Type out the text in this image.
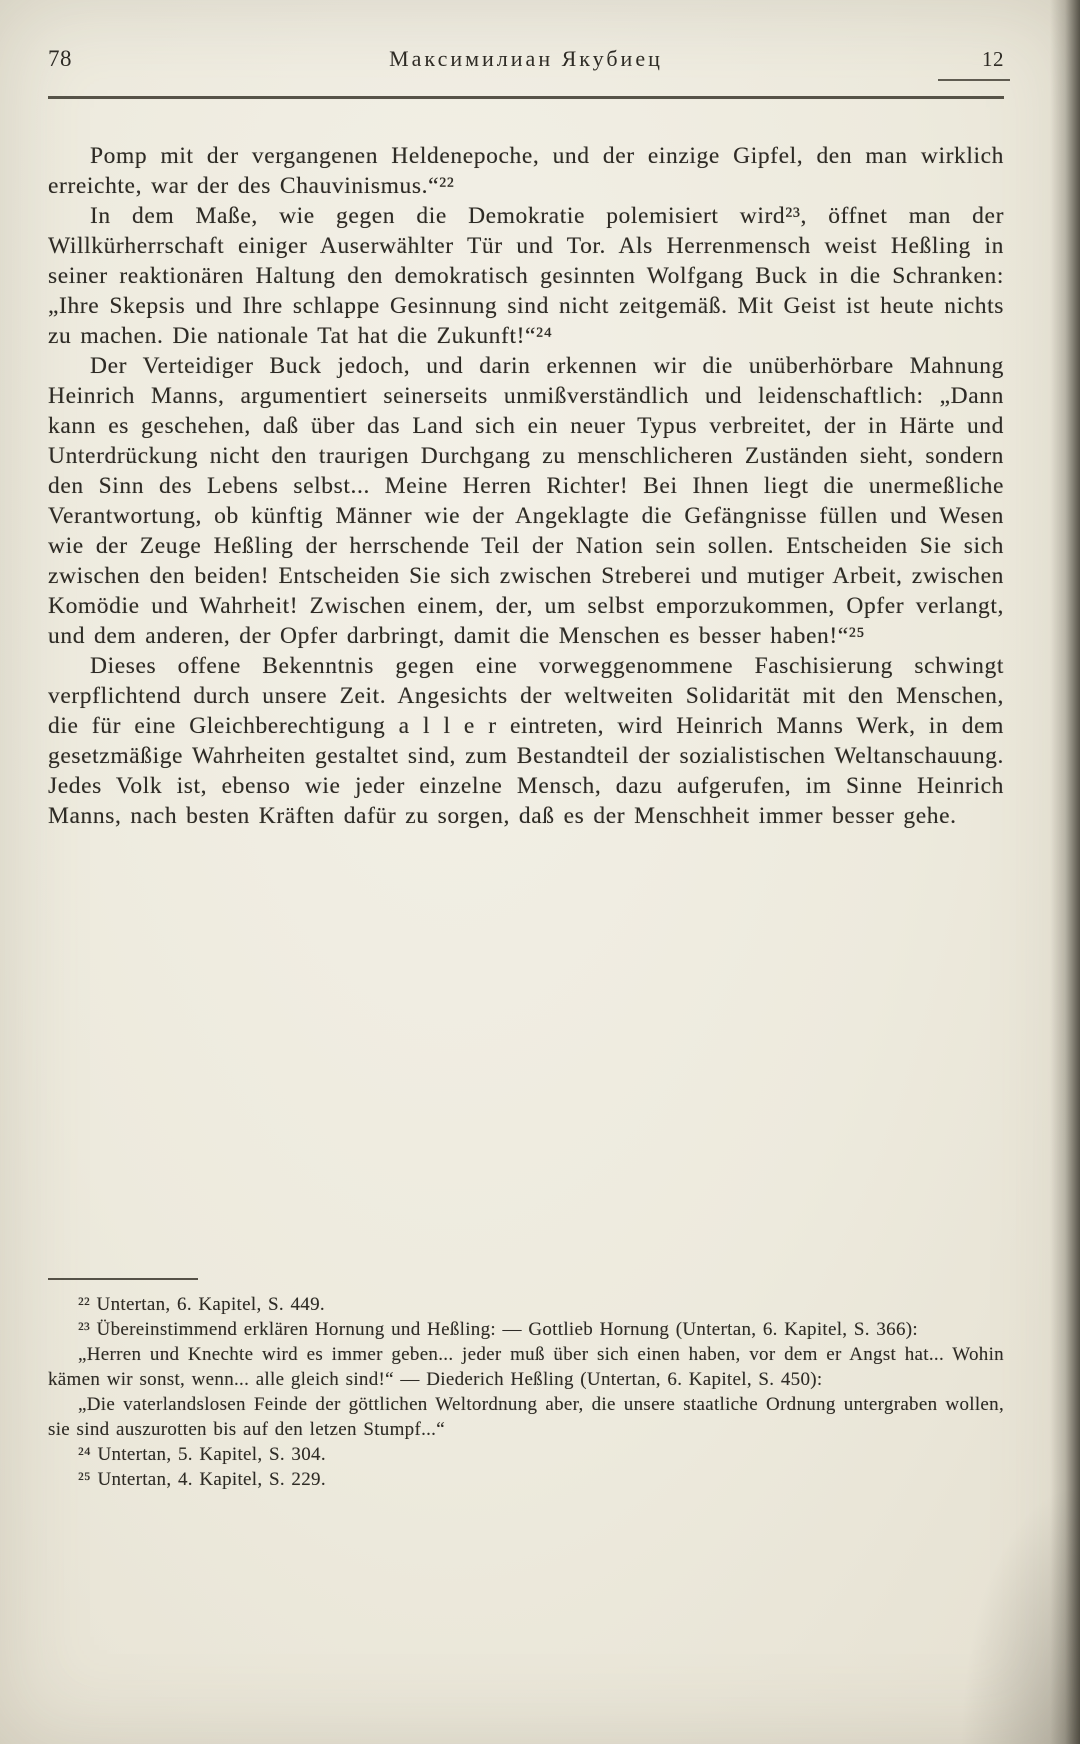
78	Максимилиан Якубиец	12

Pomp mit der vergangenen Heldenepoche, und der einzige Gipfel, den man wirklich erreichte, war der des Chauvinismus.“²²

In dem Maße, wie gegen die Demokratie polemisiert wird²³, öffnet man der Willkürherrschaft einiger Auserwählter Tür und Tor. Als Herrenmensch weist Heßling in seiner reaktionären Haltung den demokratisch gesinnten Wolfgang Buck in die Schranken: „Ihre Skepsis und Ihre schlappe Gesinnung sind nicht zeitgemäß. Mit Geist ist heute nichts zu machen. Die nationale Tat hat die Zukunft!“²⁴

Der Verteidiger Buck jedoch, und darin erkennen wir die unüberhörbare Mahnung Heinrich Manns, argumentiert seinerseits unmißverständlich und leidenschaftlich: „Dann kann es geschehen, daß über das Land sich ein neuer Typus verbreitet, der in Härte und Unterdrückung nicht den traurigen Durchgang zu menschlicheren Zuständen sieht, sondern den Sinn des Lebens selbst... Meine Herren Richter! Bei Ihnen liegt die unermeßliche Verantwortung, ob künftig Männer wie der Angeklagte die Gefängnisse füllen und Wesen wie der Zeuge Heßling der herrschende Teil der Nation sein sollen. Entscheiden Sie sich zwischen den beiden! Entscheiden Sie sich zwischen Streberei und mutiger Arbeit, zwischen Komödie und Wahrheit! Zwischen einem, der, um selbst emporzukommen, Opfer verlangt, und dem anderen, der Opfer darbringt, damit die Menschen es besser haben!“²⁵

Dieses offene Bekenntnis gegen eine vorweggenommene Faschisierung schwingt verpflichtend durch unsere Zeit. Angesichts der weltweiten Solidarität mit den Menschen, die für eine Gleichberechtigung a l l e r eintreten, wird Heinrich Manns Werk, in dem gesetzmäßige Wahrheiten gestaltet sind, zum Bestandteil der sozialistischen Weltanschauung. Jedes Volk ist, ebenso wie jeder einzelne Mensch, dazu aufgerufen, im Sinne Heinrich Manns, nach besten Kräften dafür zu sorgen, daß es der Menschheit immer besser gehe.

²² Untertan, 6. Kapitel, S. 449.

²³ Übereinstimmend erklären Hornung und Heßling: — Gottlieb Hornung (Untertan, 6. Kapitel, S. 366):

„Herren und Knechte wird es immer geben... jeder muß über sich einen haben, vor dem er Angst hat... Wohin kämen wir sonst, wenn... alle gleich sind!“ — Diederich Heßling (Untertan, 6. Kapitel, S. 450):

„Die vaterlandslosen Feinde der göttlichen Weltordnung aber, die unsere staatliche Ordnung untergraben wollen, sie sind auszurotten bis auf den letzen Stumpf...“

²⁴ Untertan, 5. Kapitel, S. 304.

²⁵ Untertan, 4. Kapitel, S. 229.
